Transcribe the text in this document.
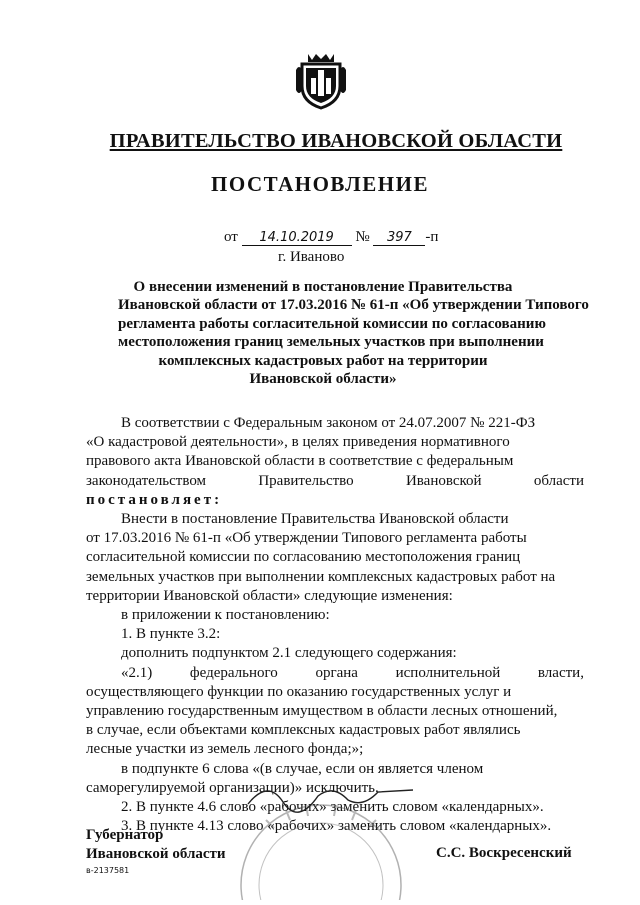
ПРАВИТЕЛЬСТВО ИВАНОВСКОЙ ОБЛАСТИ
ПОСТАНОВЛЕНИЕ
от 14.10.2019 № 397 -п
г. Иваново
О внесении изменений в постановление Правительства
Ивановской области от 17.03.2016 № 61-п «Об утверждении Типового
регламента работы согласительной комиссии по согласованию
местоположения границ земельных участков при выполнении
комплексных кадастровых работ на территории
Ивановской области»
В соответствии с Федеральным законом от 24.07.2007 № 221-ФЗ
«О кадастровой деятельности», в целях приведения нормативного
правового акта Ивановской области в соответствие с федеральным
законодательством	Правительство	Ивановской	области
постановляет:
Внести в постановление Правительства Ивановской области
от 17.03.2016 № 61-п «Об утверждении Типового регламента работы
согласительной комиссии по согласованию местоположения границ
земельных участков при выполнении комплексных кадастровых работ на
территории Ивановской области» следующие изменения:
в приложении к постановлению:
1. В пункте 3.2:
дополнить подпунктом 2.1 следующего содержания:
«2.1)	федерального	органа	исполнительной	власти,
осуществляющего функции по оказанию государственных услуг и
управлению государственным имуществом в области лесных отношений,
в случае, если объектами комплексных кадастровых работ являлись
лесные участки из земель лесного фонда;»;
в подпункте 6 слова «(в случае, если он является членом
саморегулируемой организации)» исключить.
2. В пункте 4.6 слово «рабочих» заменить словом «календарных».
3. В пункте 4.13 слово «рабочих» заменить словом «календарных».
Губернатор
Ивановской области	С.С. Воскресенский
в-2137581
